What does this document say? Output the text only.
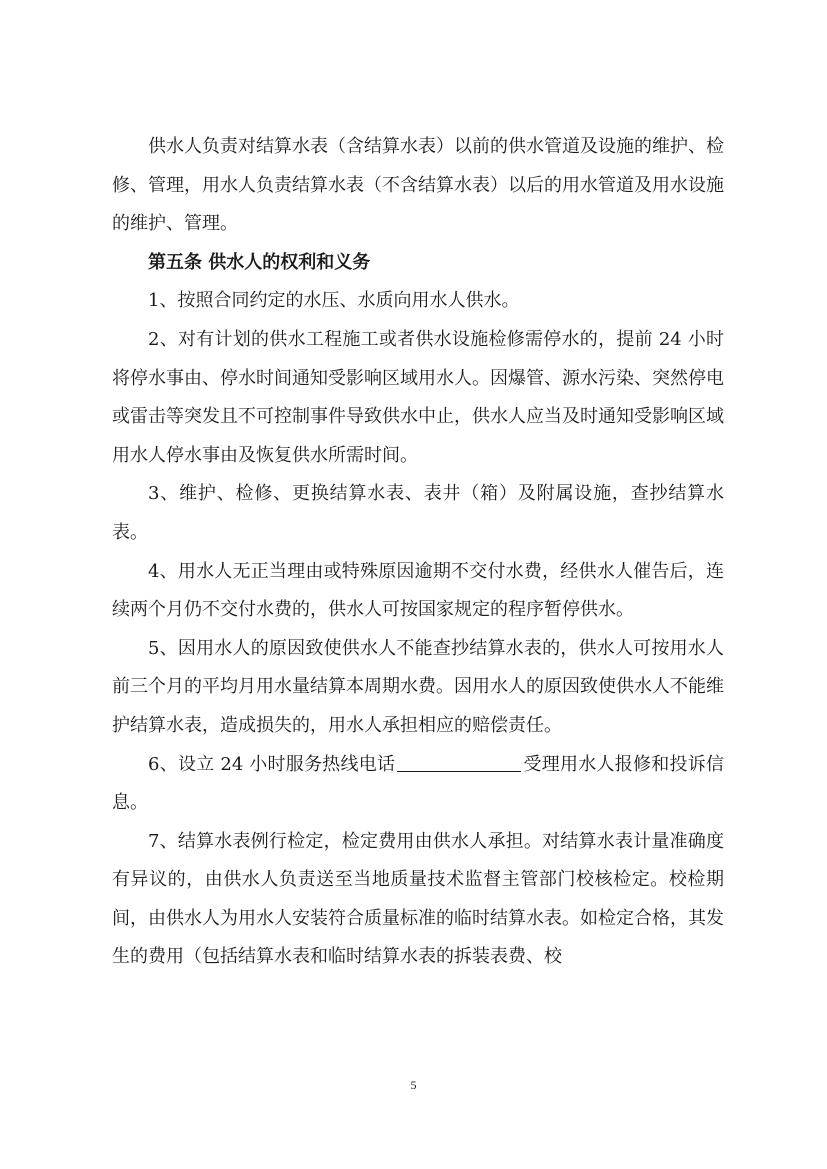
供水人负责对结算水表（含结算水表）以前的供水管道及设施的维护、检修、管理，用水人负责结算水表（不含结算水表）以后的用水管道及用水设施的维护、管理。

第五条 供水人的权利和义务

1、按照合同约定的水压、水质向用水人供水。

2、对有计划的供水工程施工或者供水设施检修需停水的，提前 24 小时将停水事由、停水时间通知受影响区域用水人。因爆管、源水污染、突然停电或雷击等突发且不可控制事件导致供水中止，供水人应当及时通知受影响区域用水人停水事由及恢复供水所需时间。

3、维护、检修、更换结算水表、表井（箱）及附属设施，查抄结算水表。

4、用水人无正当理由或特殊原因逾期不交付水费，经供水人催告后，连续两个月仍不交付水费的，供水人可按国家规定的程序暂停供水。

5、因用水人的原因致使供水人不能查抄结算水表的，供水人可按用水人前三个月的平均月用水量结算本周期水费。因用水人的原因致使供水人不能维护结算水表，造成损失的，用水人承担相应的赔偿责任。

6、设立 24 小时服务热线电话	受理用水人报修和投诉信息。

7、结算水表例行检定，检定费用由供水人承担。对结算水表计量准确度有异议的，由供水人负责送至当地质量技术监督主管部门校核检定。校检期间，由供水人为用水人安装符合质量标准的临时结算水表。如检定合格，其发生的费用（包括结算水表和临时结算水表的拆装表费、校

5
